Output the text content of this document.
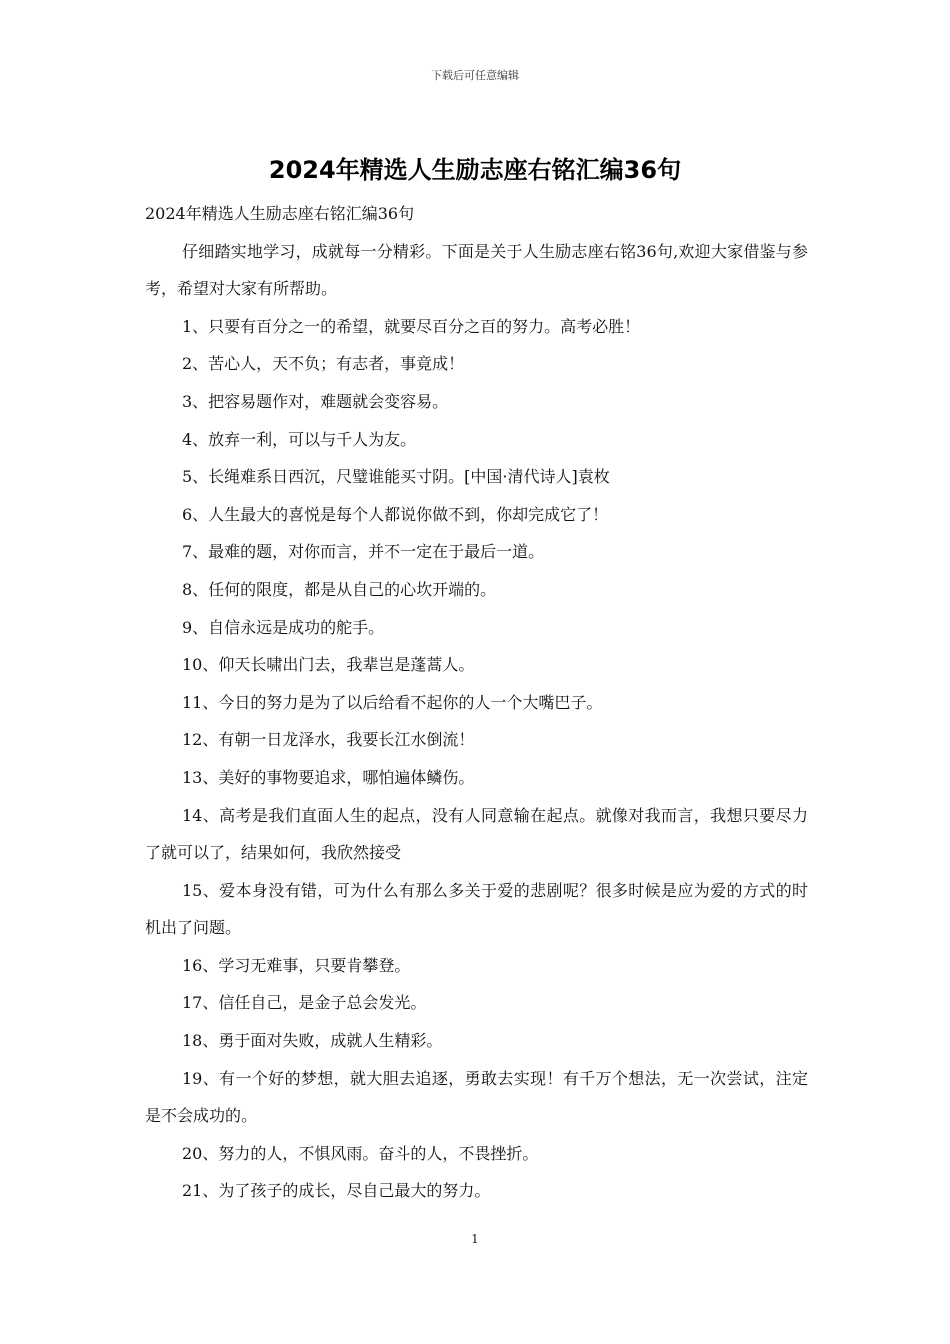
下载后可任意编辑
2024年精选人生励志座右铭汇编36句

2024年精选人生励志座右铭汇编36句

仔细踏实地学习，成就每一分精彩。下面是关于人生励志座右铭36句,欢迎大家借鉴与参考，希望对大家有所帮助。

1、只要有百分之一的希望，就要尽百分之百的努力。高考必胜！

2、苦心人，天不负；有志者，事竟成！

3、把容易题作对，难题就会变容易。

4、放弃一利，可以与千人为友。

5、长绳难系日西沉，尺璧谁能买寸阴。[中国·清代诗人]袁枚

6、人生最大的喜悦是每个人都说你做不到，你却完成它了！

7、最难的题，对你而言，并不一定在于最后一道。

8、任何的限度，都是从自己的心坎开端的。

9、自信永远是成功的舵手。

10、仰天长啸出门去，我辈岂是蓬蒿人。

11、今日的努力是为了以后给看不起你的人一个大嘴巴子。

12、有朝一日龙泽水，我要长江水倒流！

13、美好的事物要追求，哪怕遍体鳞伤。

14、高考是我们直面人生的起点，没有人同意输在起点。就像对我而言，我想只要尽力了就可以了，结果如何，我欣然接受

15、爱本身没有错，可为什么有那么多关于爱的悲剧呢？很多时候是应为爱的方式的时机出了问题。

16、学习无难事，只要肯攀登。

17、信任自己，是金子总会发光。

18、勇于面对失败，成就人生精彩。

19、有一个好的梦想，就大胆去追逐，勇敢去实现！有千万个想法，无一次尝试，注定是不会成功的。

20、努力的人，不惧风雨。奋斗的人，不畏挫折。

21、为了孩子的成长，尽自己最大的努力。

1
